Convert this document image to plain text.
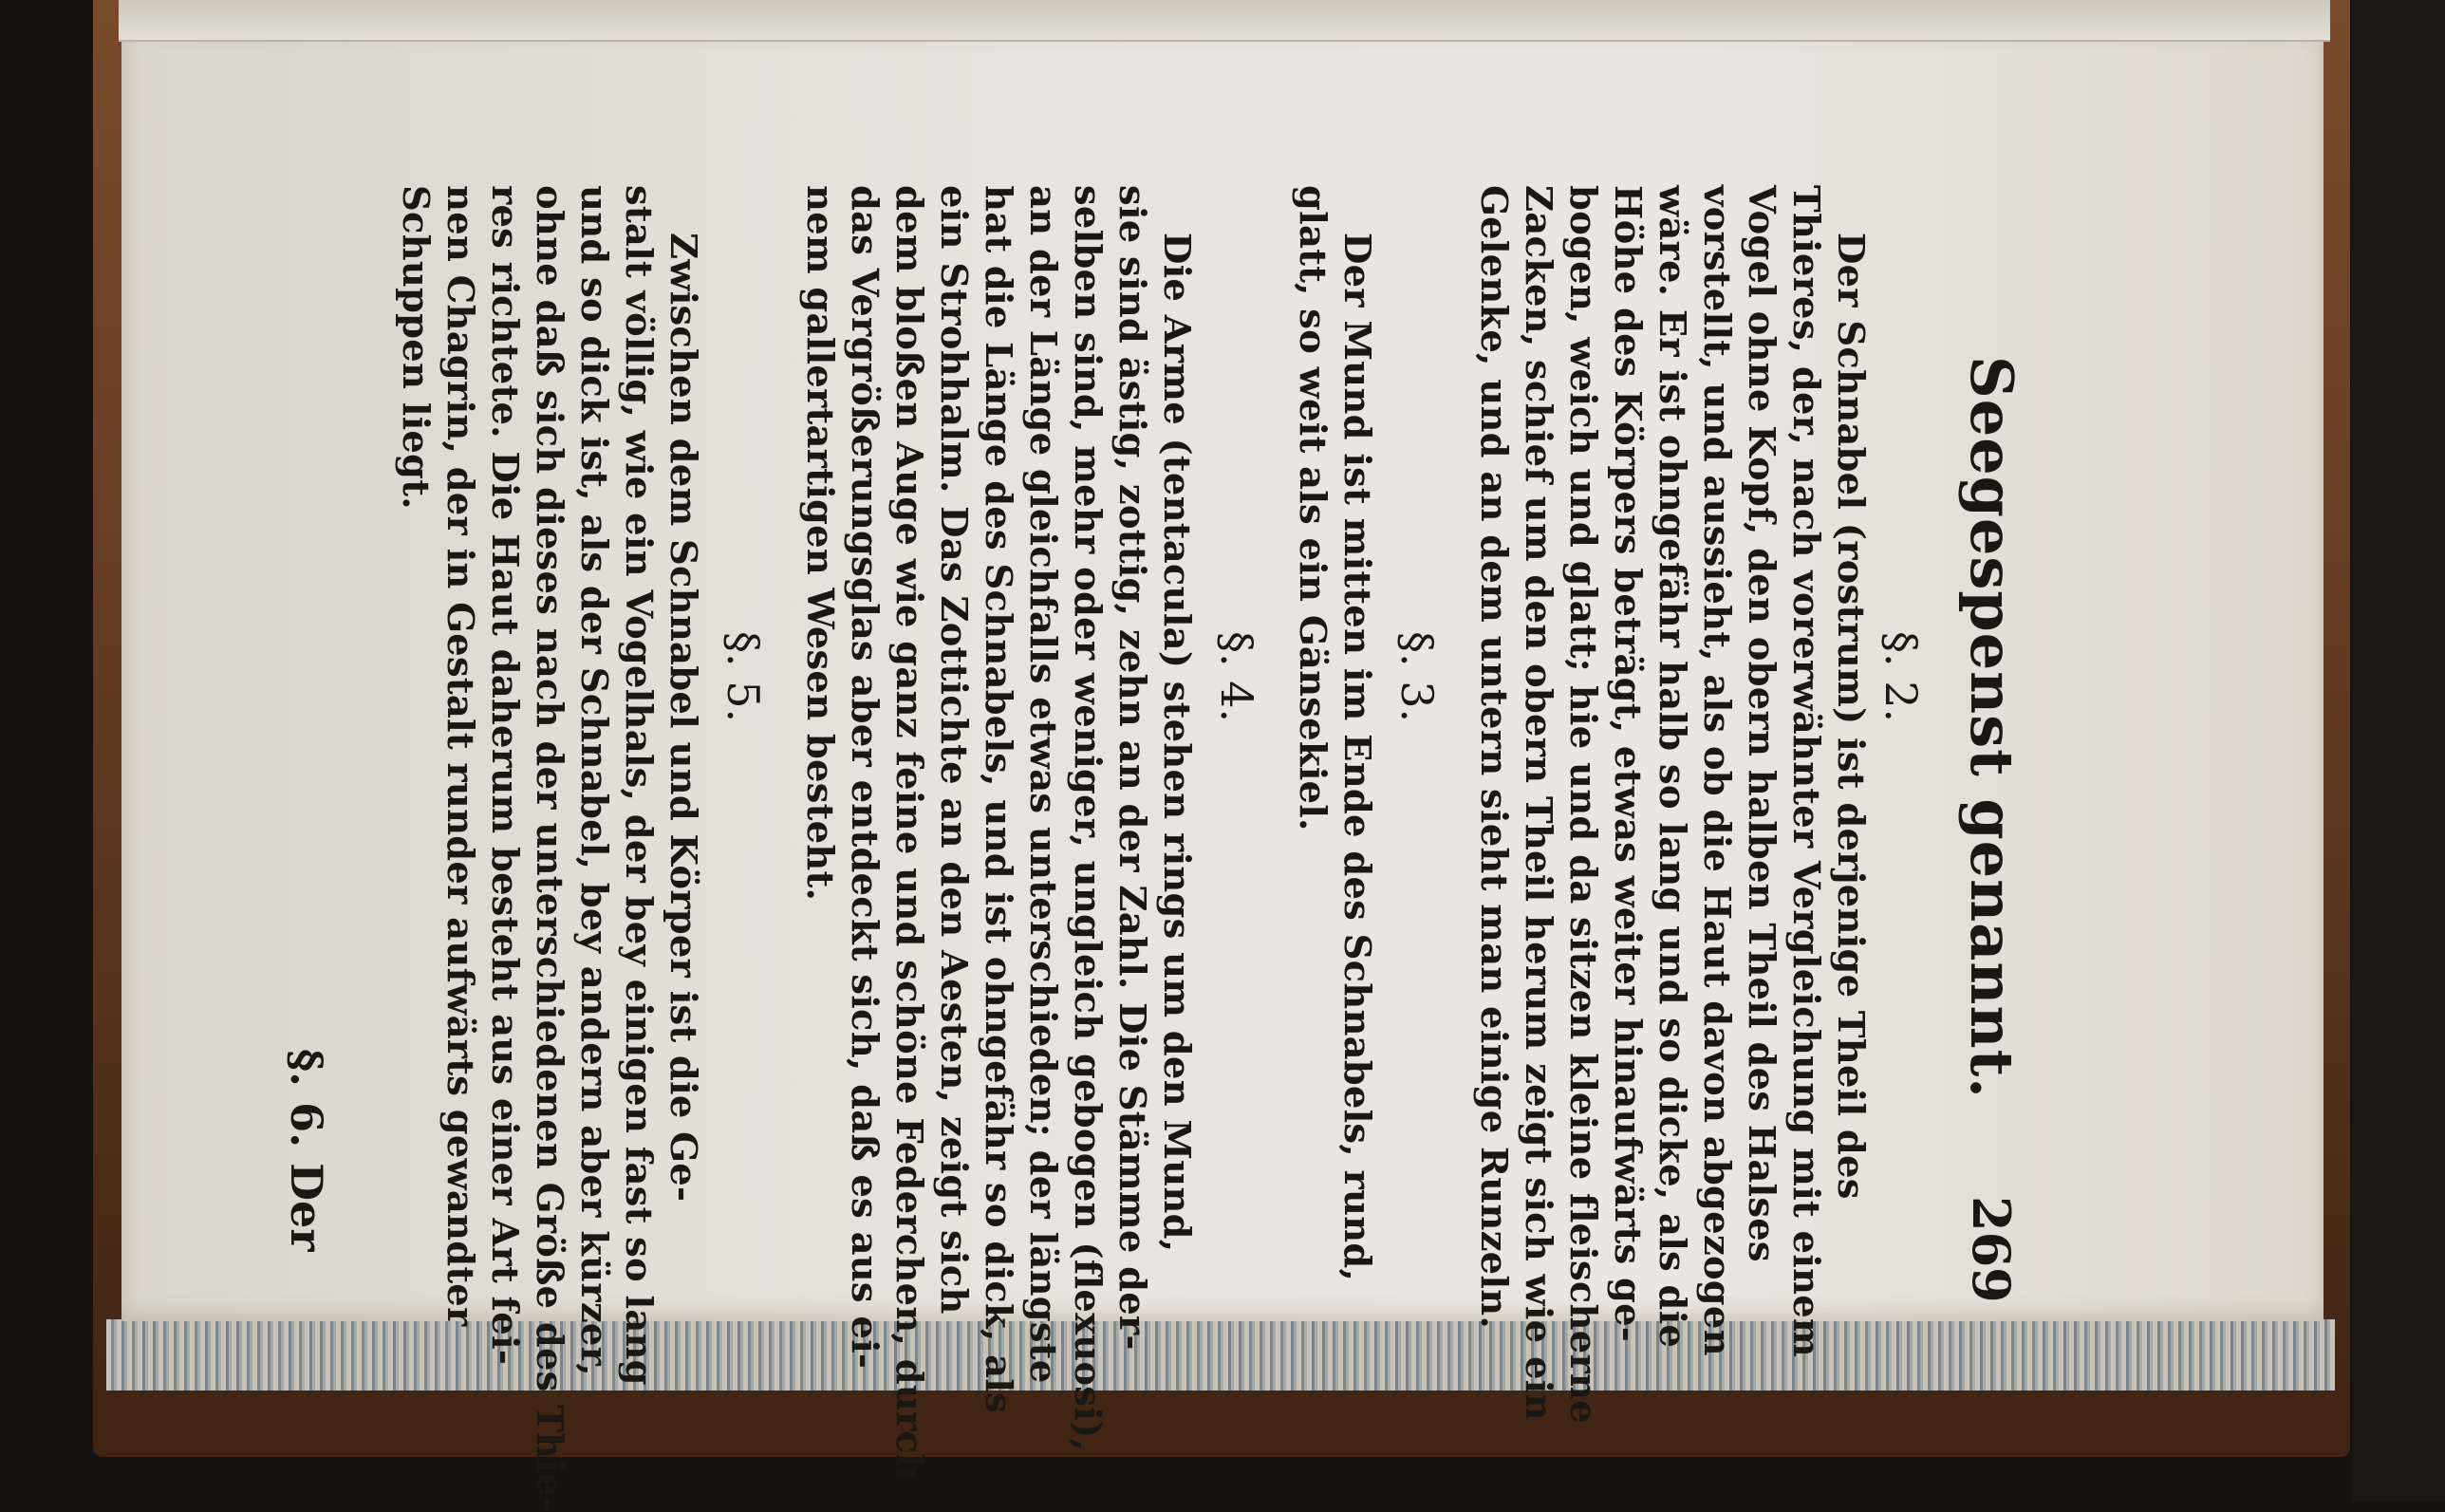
Seegespenst genannt.
269
§. 2.
Der Schnabel (rostrum) ist derjenige Theil des
Thieres, der, nach vorerwähnter Vergleichung mit einem
Vogel ohne Kopf, den obern halben Theil des Halses
vorstellt, und aussieht, als ob die Haut davon abgezogen
wäre. Er ist ohngefähr halb so lang und so dicke, als die
Höhe des Körpers beträgt, etwas weiter hinaufwärts ge-
bogen, weich und glatt; hie und da sitzen kleine fleischerne
Zacken, schief um den obern Theil herum zeigt sich wie ein
Gelenke, und an dem untern sieht man einige Runzeln.
§. 3.
Der Mund ist mitten im Ende des Schnabels, rund,
glatt, so weit als ein Gänsekiel.
§. 4.
Die Arme (tentacula) stehen rings um den Mund,
sie sind ästig, zottig, zehn an der Zahl. Die Stämme der-
selben sind, mehr oder weniger, ungleich gebogen (flexuosi),
an der Länge gleichfalls etwas unterschieden; der längste
hat die Länge des Schnabels, und ist ohngefähr so dick, als
ein Strohhalm. Das Zottichte an den Aesten, zeigt sich
dem bloßen Auge wie ganz feine und schöne Federchen, durch
das Vergrößerungsglas aber entdeckt sich, daß es aus ei-
nem gallertartigen Wesen besteht.
§. 5.
Zwischen dem Schnabel und Körper ist die Ge-
stalt völlig, wie ein Vogelhals, der bey einigen fast so lang
und so dick ist, als der Schnabel, bey andern aber kürzer,
ohne daß sich dieses nach der unterschiedenen Größe des Thie-
res richtete. Die Haut daherum besteht aus einer Art fei-
nen Chagrin, der in Gestalt runder aufwärts gewandter
Schuppen liegt.
§. 6. Der
